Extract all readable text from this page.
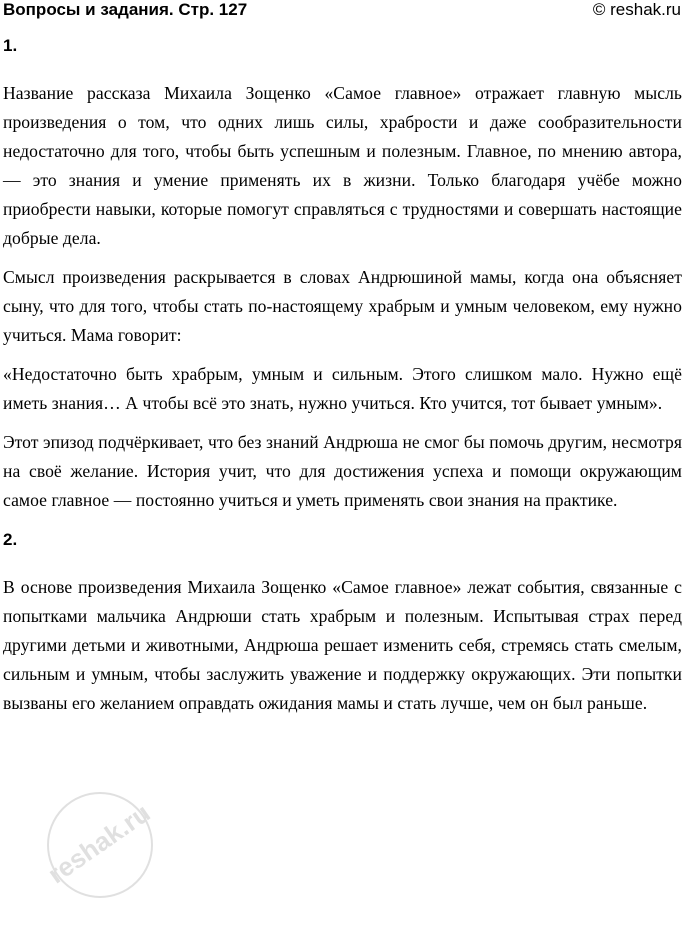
Вопросы и задания. Стр. 127	© reshak.ru
1.

Название рассказа Михаила Зощенко «Самое главное» отражает главную мысль произведения о том, что одних лишь силы, храбрости и даже сообразительности недостаточно для того, чтобы быть успешным и полезным. Главное, по мнению автора, — это знания и умение применять их в жизни. Только благодаря учёбе можно приобрести навыки, которые помогут справляться с трудностями и совершать настоящие добрые дела.

Смысл произведения раскрывается в словах Андрюшиной мамы, когда она объясняет сыну, что для того, чтобы стать по-настоящему храбрым и умным человеком, ему нужно учиться. Мама говорит:

«Недостаточно быть храбрым, умным и сильным. Этого слишком мало. Нужно ещё иметь знания… А чтобы всё это знать, нужно учиться. Кто учится, тот бывает умным».

Этот эпизод подчёркивает, что без знаний Андрюша не смог бы помочь другим, несмотря на своё желание. История учит, что для достижения успеха и помощи окружающим самое главное — постоянно учиться и уметь применять свои знания на практике.

2.

В основе произведения Михаила Зощенко «Самое главное» лежат события, связанные с попытками мальчика Андрюши стать храбрым и полезным. Испытывая страх перед другими детьми и животными, Андрюша решает изменить себя, стремясь стать смелым, сильным и умным, чтобы заслужить уважение и поддержку окружающих. Эти попытки вызваны его желанием оправдать ожидания мамы и стать лучше, чем он был раньше.

reshak.ru
